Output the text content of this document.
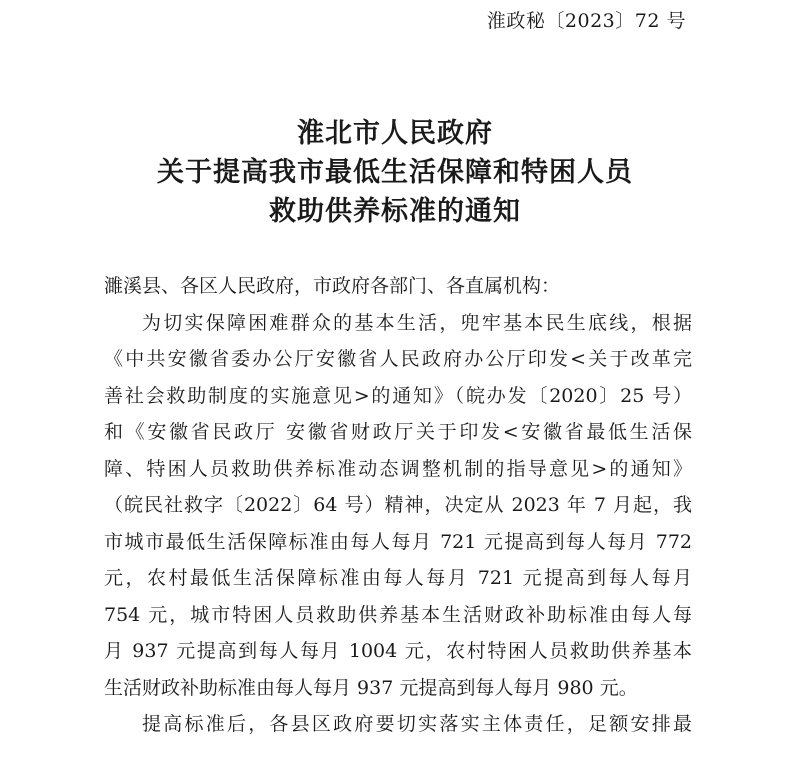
淮政秘〔2023〕72 号
淮北市人民政府
关于提高我市最低生活保障和特困人员
救助供养标准的通知
濉溪县、各区人民政府，市政府各部门、各直属机构：
为切实保障困难群众的基本生活，兜牢基本民生底线，根据
《中共安徽省委办公厅安徽省人民政府办公厅印发<关于改革完
善社会救助制度的实施意见>的通知》（皖办发〔2020〕25 号）
和《安徽省民政厅 安徽省财政厅关于印发<安徽省最低生活保
障、特困人员救助供养标准动态调整机制的指导意见>的通知》
（皖民社救字〔2022〕64 号）精神，决定从 2023 年 7 月起，我
市城市最低生活保障标准由每人每月 721 元提高到每人每月 772
元，农村最低生活保障标准由每人每月 721 元提高到每人每月
754 元，城市特困人员救助供养基本生活财政补助标准由每人每
月 937 元提高到每人每月 1004 元，农村特困人员救助供养基本
生活财政补助标准由每人每月 937 元提高到每人每月 980 元。
提高标准后，各县区政府要切实落实主体责任，足额安排最
